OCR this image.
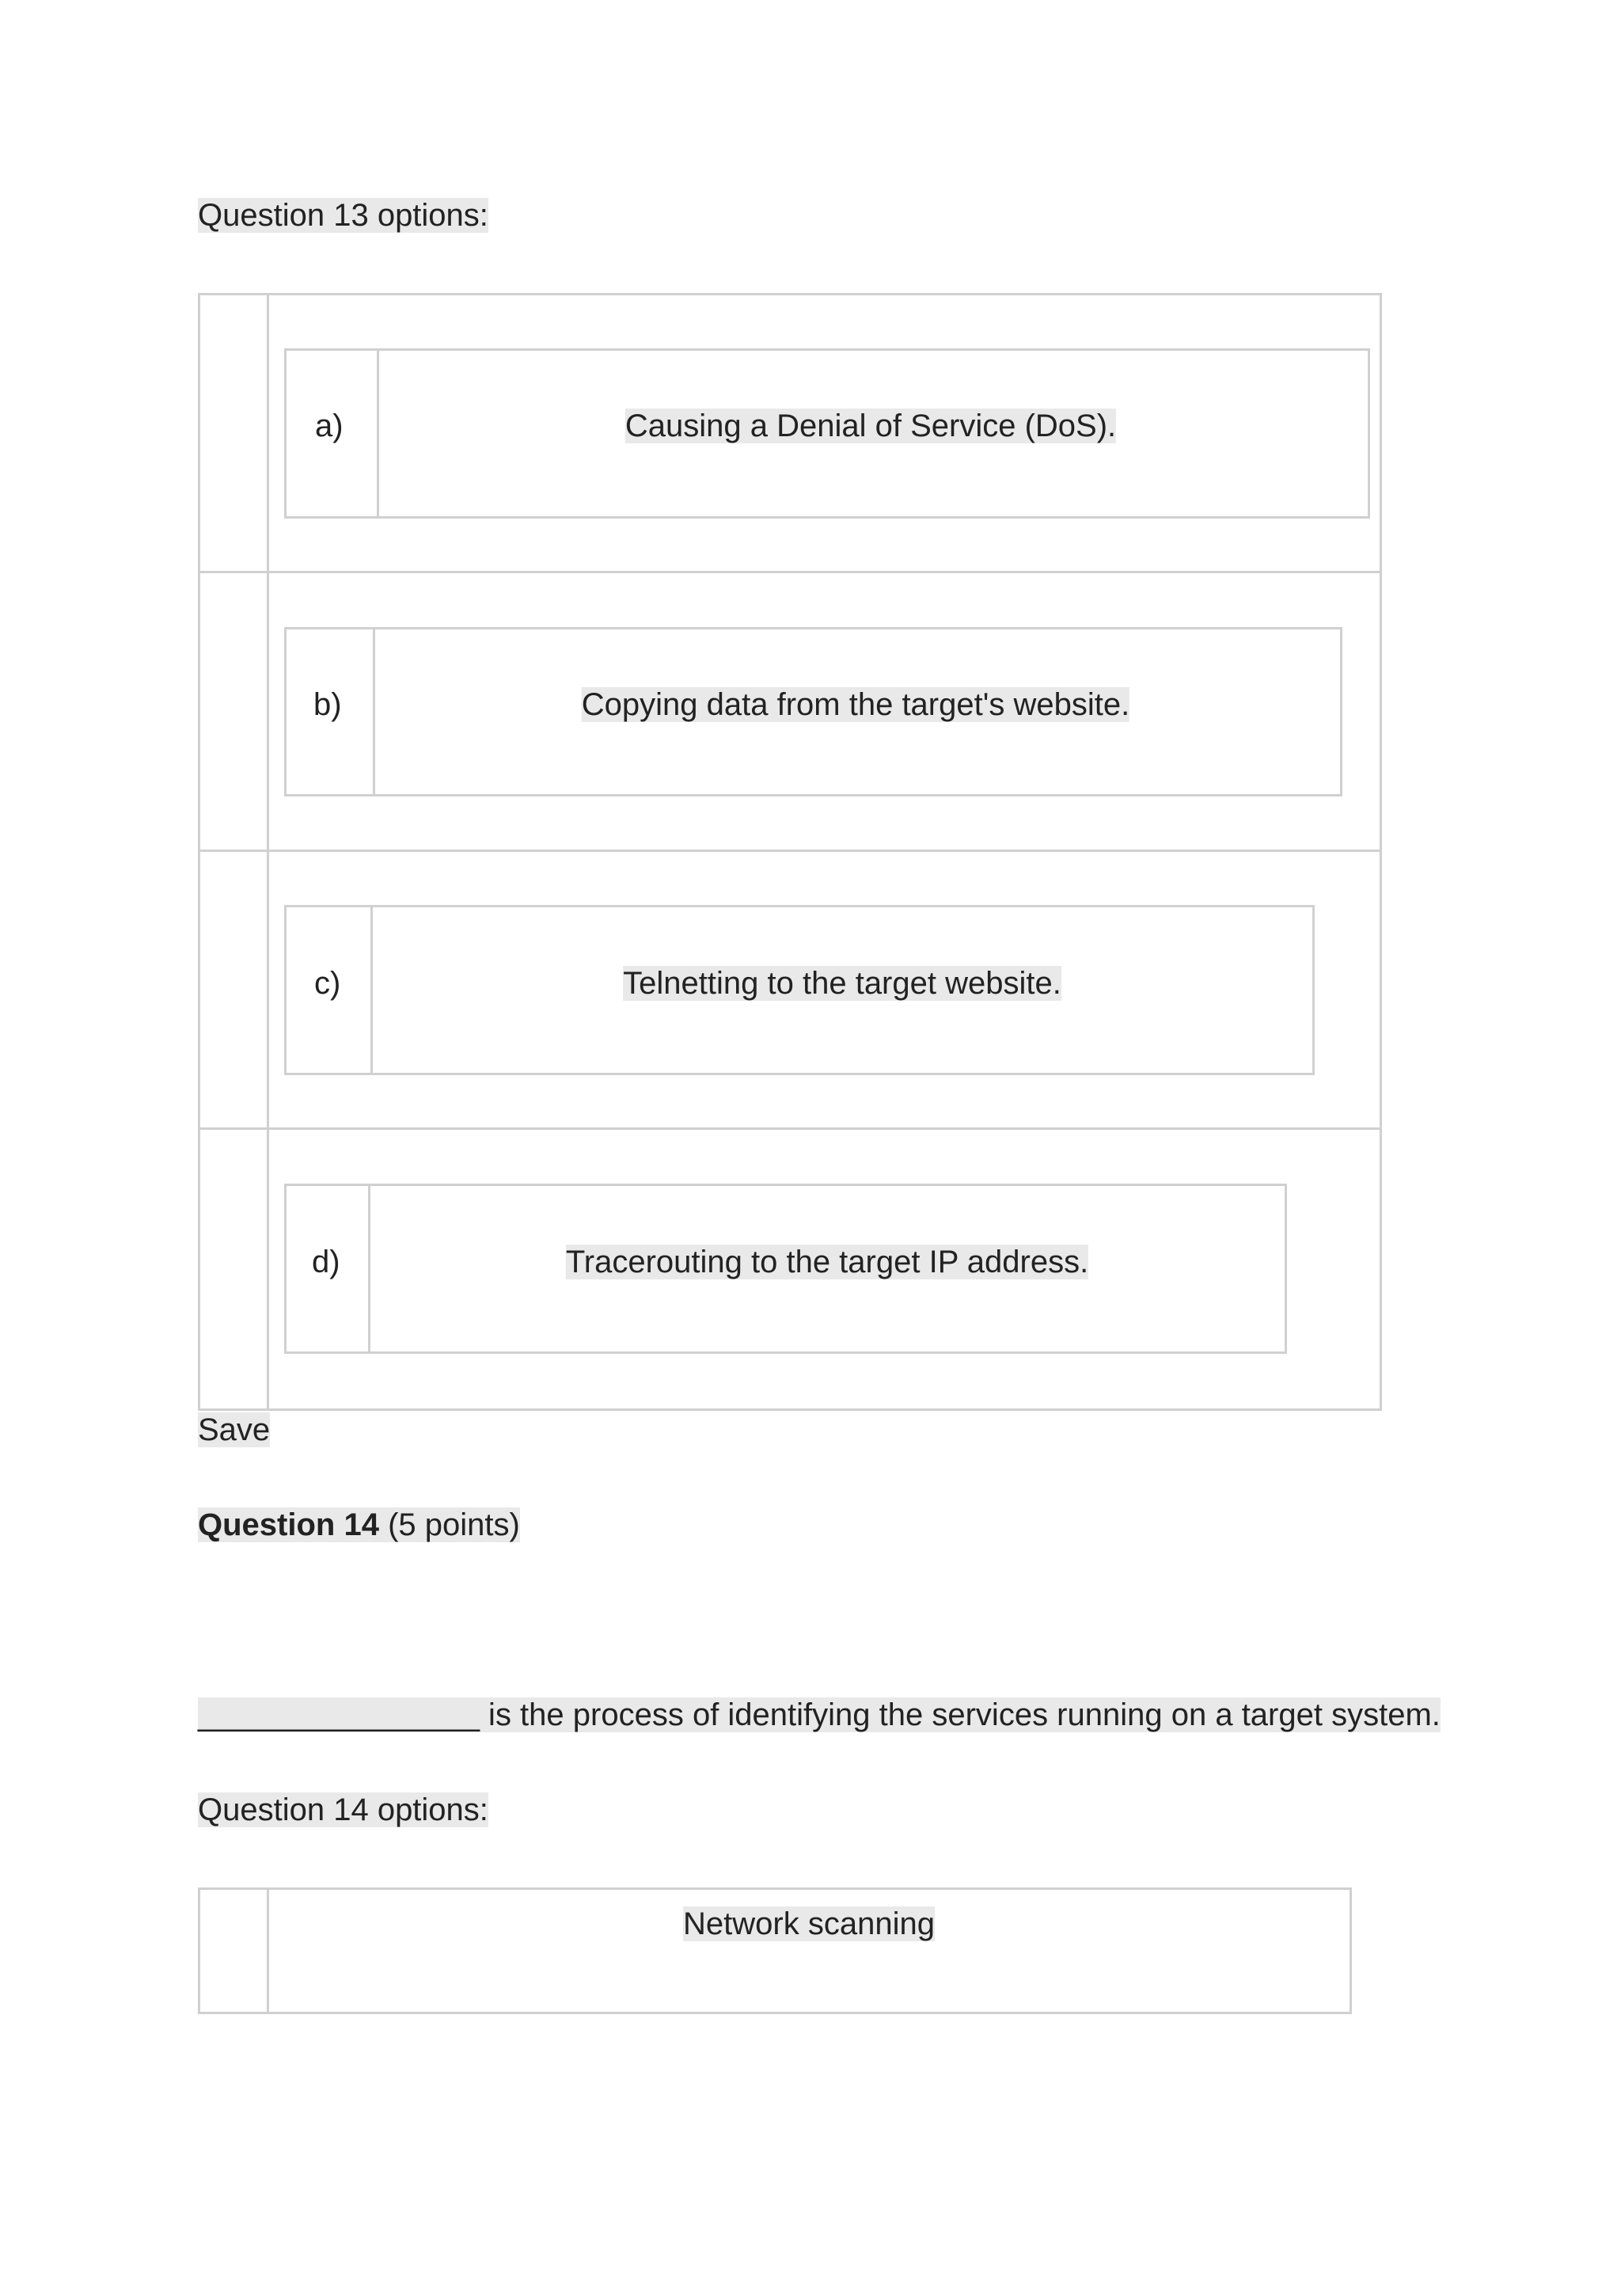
Question 13 options:
a)	Causing a Denial of Service (DoS).
b)	Copying data from the target's website.
c)	Telnetting to the target website.
d)	Tracerouting to the target IP address.
Save
Question 14 (5 points)
________________ is the process of identifying the services running on a target system.
Question 14 options:
Network scanning
